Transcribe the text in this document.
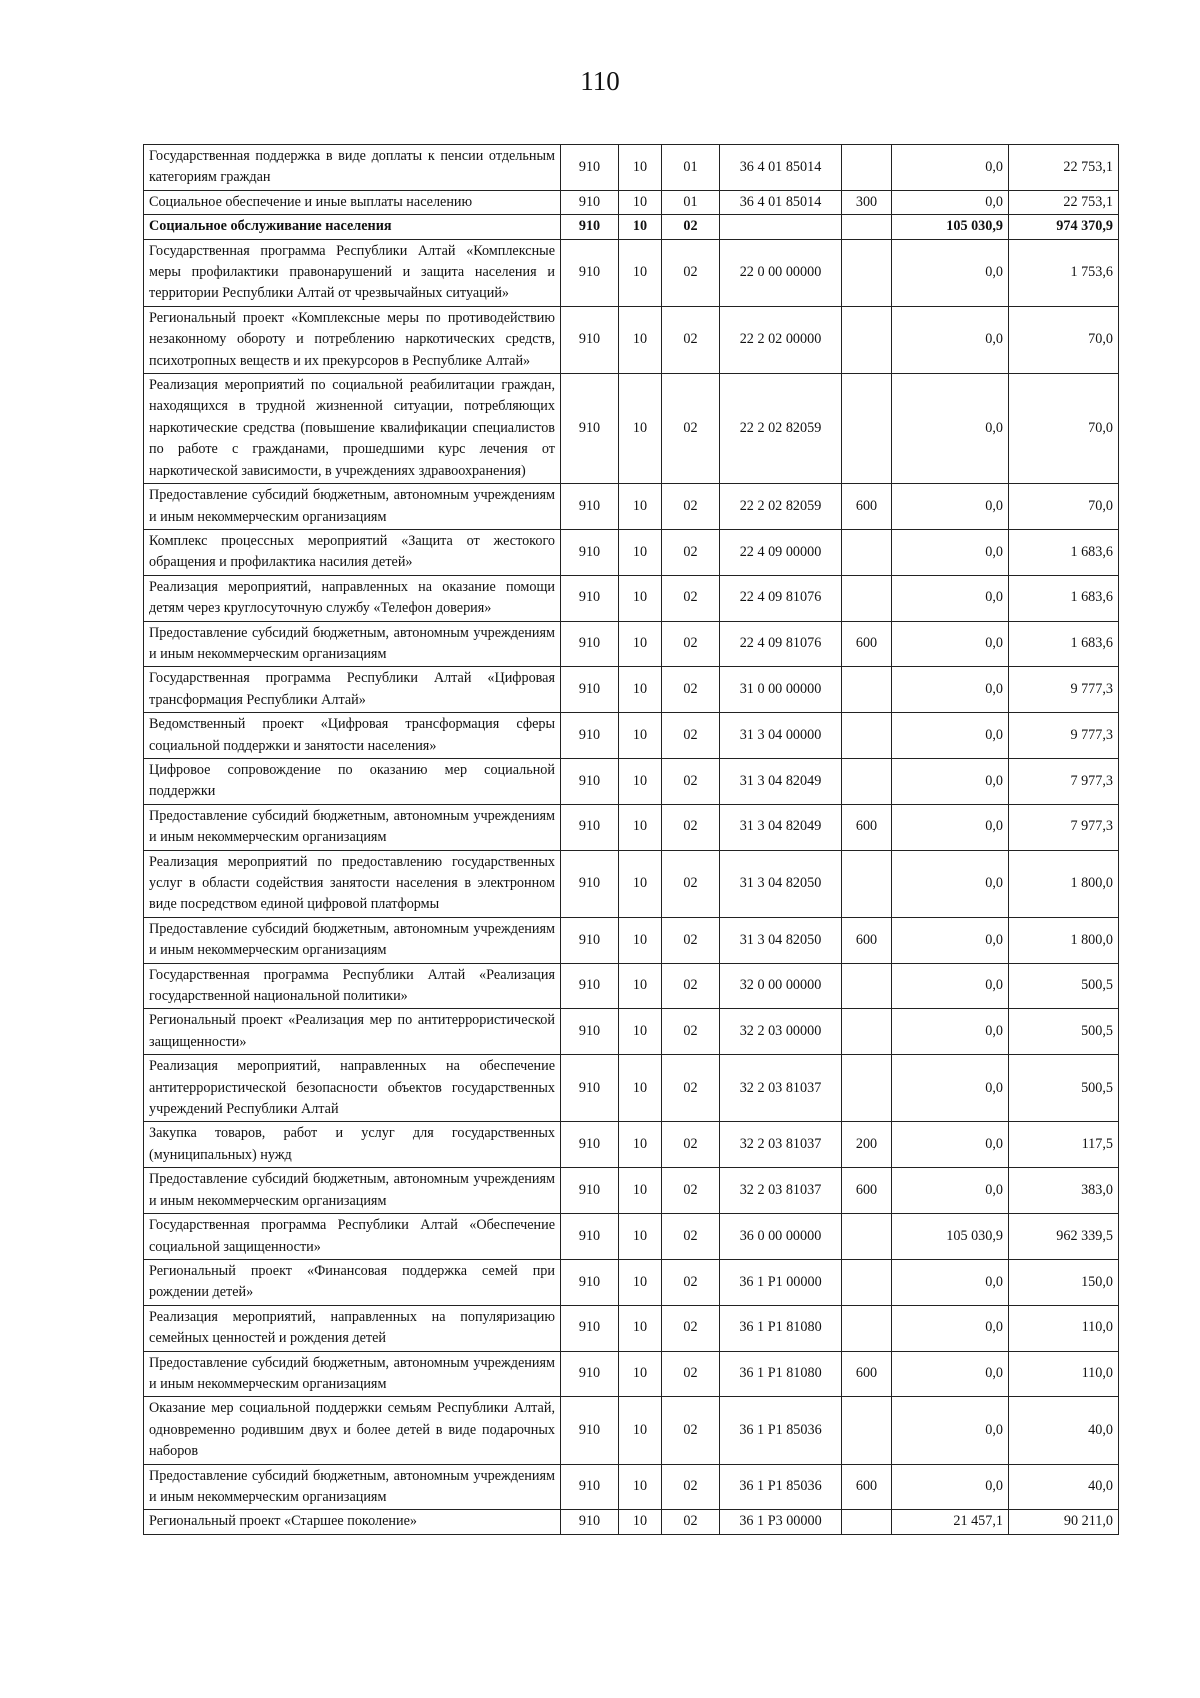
110
Государственная поддержка в виде доплаты к пенсии отдельным категориям граждан	910	10	01	36 4 01 85014		0,0	22 753,1
Социальное обеспечение и иные выплаты населению	910	10	01	36 4 01 85014	300	0,0	22 753,1
Социальное обслуживание населения	910	10	02			105 030,9	974 370,9
Государственная программа Республики Алтай «Комплексные меры профилактики правонарушений и защита населения и территории Республики Алтай от чрезвычайных ситуаций»	910	10	02	22 0 00 00000		0,0	1 753,6
Региональный проект «Комплексные меры по противодействию незаконному обороту и потреблению наркотических средств, психотропных веществ и их прекурсоров в Республике Алтай»	910	10	02	22 2 02 00000		0,0	70,0
Реализация мероприятий по социальной реабилитации граждан, находящихся в трудной жизненной ситуации, потребляющих наркотические средства (повышение квалификации специалистов по работе с гражданами, прошедшими курс лечения от наркотической зависимости, в учреждениях здравоохранения)	910	10	02	22 2 02 82059		0,0	70,0
Предоставление субсидий бюджетным, автономным учреждениям и иным некоммерческим организациям	910	10	02	22 2 02 82059	600	0,0	70,0
Комплекс процессных мероприятий «Защита от жестокого обращения и профилактика насилия детей»	910	10	02	22 4 09 00000		0,0	1 683,6
Реализация мероприятий, направленных на оказание помощи детям через круглосуточную службу «Телефон доверия»	910	10	02	22 4 09 81076		0,0	1 683,6
Предоставление субсидий бюджетным, автономным учреждениям и иным некоммерческим организациям	910	10	02	22 4 09 81076	600	0,0	1 683,6
Государственная программа Республики Алтай «Цифровая трансформация Республики Алтай»	910	10	02	31 0 00 00000		0,0	9 777,3
Ведомственный проект «Цифровая трансформация сферы социальной поддержки и занятости населения»	910	10	02	31 3 04 00000		0,0	9 777,3
Цифровое сопровождение по оказанию мер социальной поддержки	910	10	02	31 3 04 82049		0,0	7 977,3
Предоставление субсидий бюджетным, автономным учреждениям и иным некоммерческим организациям	910	10	02	31 3 04 82049	600	0,0	7 977,3
Реализация мероприятий по предоставлению государственных услуг в области содействия занятости населения в электронном виде посредством единой цифровой платформы	910	10	02	31 3 04 82050		0,0	1 800,0
Предоставление субсидий бюджетным, автономным учреждениям и иным некоммерческим организациям	910	10	02	31 3 04 82050	600	0,0	1 800,0
Государственная программа Республики Алтай «Реализация государственной национальной политики»	910	10	02	32 0 00 00000		0,0	500,5
Региональный проект «Реализация мер по антитеррористической защищенности»	910	10	02	32 2 03 00000		0,0	500,5
Реализация мероприятий, направленных на обеспечение антитеррористической безопасности объектов государственных учреждений Республики Алтай	910	10	02	32 2 03 81037		0,0	500,5
Закупка товаров, работ и услуг для государственных (муниципальных) нужд	910	10	02	32 2 03 81037	200	0,0	117,5
Предоставление субсидий бюджетным, автономным учреждениям и иным некоммерческим организациям	910	10	02	32 2 03 81037	600	0,0	383,0
Государственная программа Республики Алтай «Обеспечение социальной защищенности»	910	10	02	36 0 00 00000		105 030,9	962 339,5
Региональный проект «Финансовая поддержка семей при рождении детей»	910	10	02	36 1 P1 00000		0,0	150,0
Реализация мероприятий, направленных на популяризацию семейных ценностей и рождения детей	910	10	02	36 1 P1 81080		0,0	110,0
Предоставление субсидий бюджетным, автономным учреждениям и иным некоммерческим организациям	910	10	02	36 1 P1 81080	600	0,0	110,0
Оказание мер социальной поддержки семьям Республики Алтай, одновременно родившим двух и более детей в виде подарочных наборов	910	10	02	36 1 P1 85036		0,0	40,0
Предоставление субсидий бюджетным, автономным учреждениям и иным некоммерческим организациям	910	10	02	36 1 P1 85036	600	0,0	40,0
Региональный проект «Старшее поколение»	910	10	02	36 1 P3 00000		21 457,1	90 211,0
